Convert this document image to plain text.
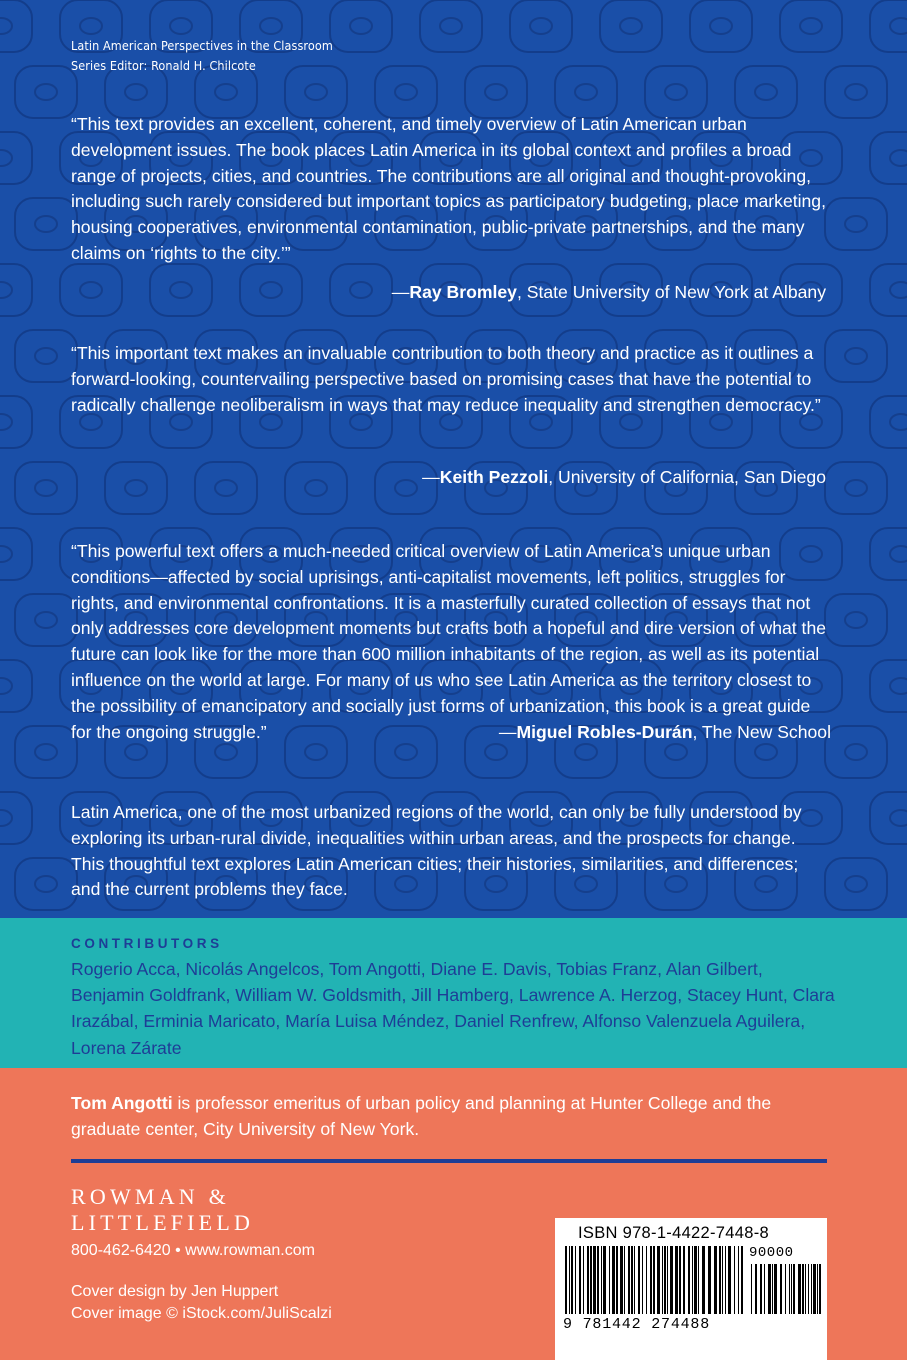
Latin American Perspectives in the Classroom
Series Editor: Ronald H. Chilcote
“This text provides an excellent, coherent, and timely overview of Latin American urban development issues. The book places Latin America in its global context and profiles a broad range of projects, cities, and countries. The contributions are all original and thought-provoking, including such rarely considered but important topics as participatory budgeting, place marketing, housing cooperatives, environmental contamination, public-private partnerships, and the many claims on ‘rights to the city.’”
—Ray Bromley, State University of New York at Albany
“This important text makes an invaluable contribution to both theory and practice as it outlines a forward-looking, countervailing perspective based on promising cases that have the potential to radically challenge neoliberalism in ways that may reduce inequality and strengthen democracy.”
—Keith Pezzoli, University of California, San Diego
“This powerful text offers a much-needed critical overview of Latin America’s unique urban conditions—affected by social uprisings, anti-capitalist movements, left politics, struggles for rights, and environmental confrontations. It is a masterfully curated collection of essays that not only addresses core development moments but crafts both a hopeful and dire version of what the future can look like for the more than 600 million inhabitants of the region, as well as its potential influence on the world at large. For many of us who see Latin America as the territory closest to the possibility of emancipatory and socially just forms of urbanization, this book is a great guide for the ongoing struggle.”	—Miguel Robles-Durán, The New School
Latin America, one of the most urbanized regions of the world, can only be fully understood by exploring its urban-rural divide, inequalities within urban areas, and the prospects for change. This thoughtful text explores Latin American cities; their histories, similarities, and differences; and the current problems they face.
CONTRIBUTORS
Rogerio Acca, Nicolás Angelcos, Tom Angotti, Diane E. Davis, Tobias Franz, Alan Gilbert, Benjamin Goldfrank, William W. Goldsmith, Jill Hamberg, Lawrence A. Herzog, Stacey Hunt, Clara Irazábal, Erminia Maricato, María Luisa Méndez, Daniel Renfrew, Alfonso Valenzuela Aguilera, Lorena Zárate
Tom Angotti is professor emeritus of urban policy and planning at Hunter College and the graduate center, City University of New York.
ROWMAN &
LITTLEFIELD
800-462-6420 • www.rowman.com
Cover design by Jen Huppert
Cover image © iStock.com/JuliScalzi
ISBN 978-1-4422-7448-8
90000
9 781442 274488
